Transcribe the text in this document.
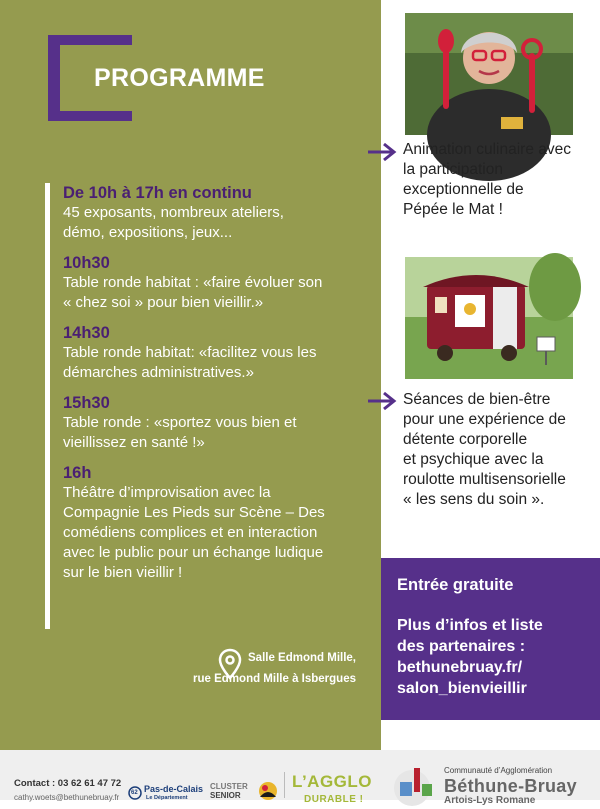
PROGRAMME
De 10h à 17h en continu
45 exposants, nombreux ateliers,
démo, expositions, jeux...
10h30
Table ronde habitat : «faire évoluer son
« chez soi » pour bien vieillir.»
14h30
Table ronde habitat: «facilitez vous les
démarches administratives.»
15h30
Table ronde : «sportez vous bien et
vieillissez en santé !»
16h
Théâtre d’improvisation avec la
Compagnie Les Pieds sur Scène – Des
comédiens complices et en interaction
avec le public pour un échange ludique
sur le bien vieillir !
Salle Edmond Mille,
rue Edmond Mille à Isbergues
Animation culinaire avec
la participation
exceptionnelle de
Pépée le Mat !
Séances de bien-être
pour une expérience de
détente corporelle
et psychique avec la
roulotte multisensorielle
« les sens du soin ».
Entrée gratuite
Plus d’infos et liste
des partenaires :
bethunebruay.fr/
salon_bienvieillir
Contact : 03 62 61 47 72
cathy.woets@bethunebruay.fr 62 Pas-de-Calais
Le Département
CLUSTER
SENIOR
L’AGGLO
DURABLE !
Communauté d’Agglomération
Béthune-Bruay
Artois-Lys Romane
